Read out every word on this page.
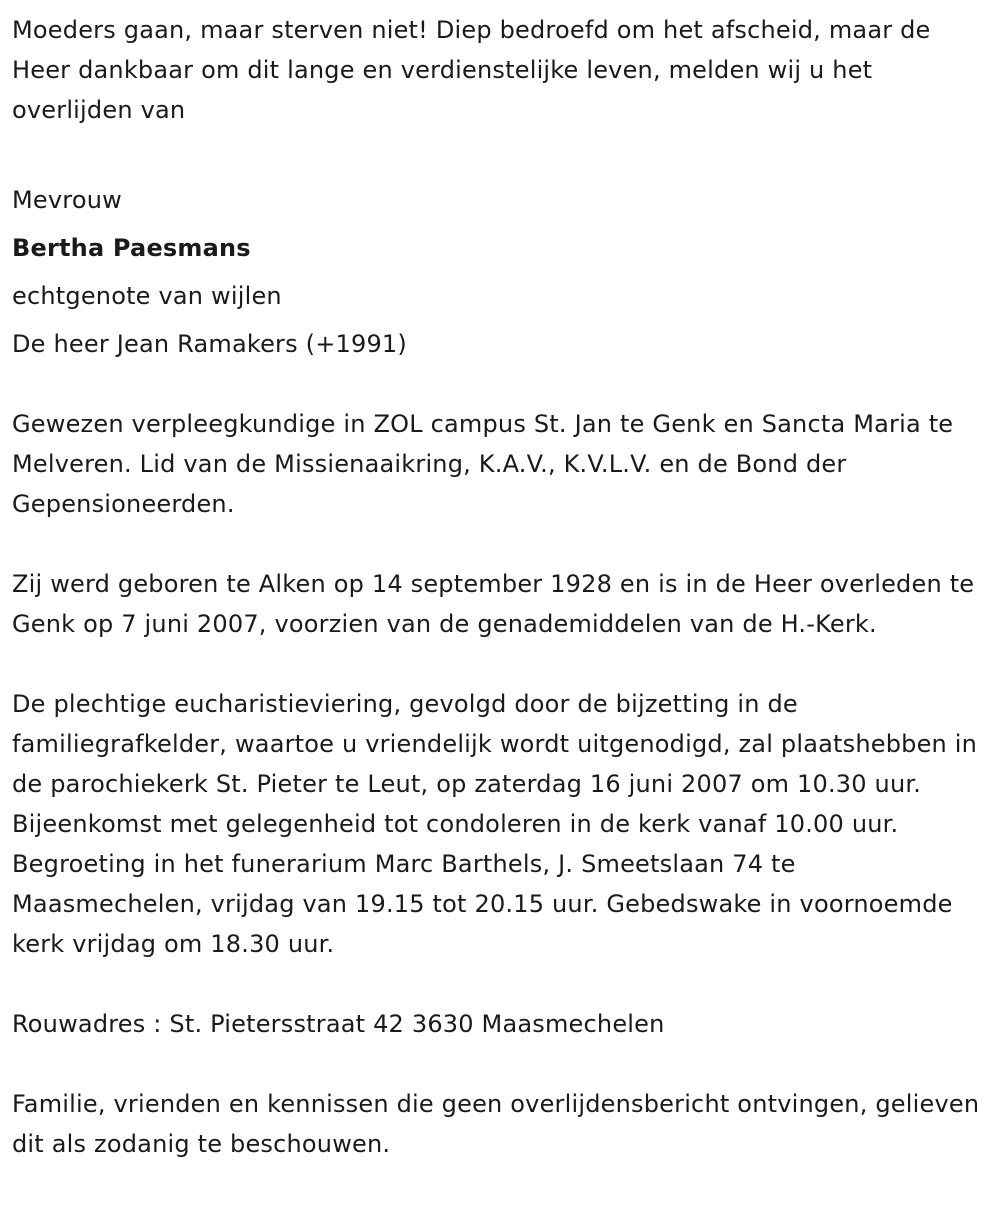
Moeders gaan, maar sterven niet! Diep bedroefd om het afscheid, maar de Heer dankbaar om dit lange en verdienstelijke leven, melden wij u het overlijden van

Mevrouw

Bertha Paesmans

echtgenote van wijlen

De heer Jean Ramakers (+1991)

Gewezen verpleegkundige in ZOL campus St. Jan te Genk en Sancta Maria te Melveren. Lid van de Missienaaikring, K.A.V., K.V.L.V. en de Bond der Gepensioneerden.

Zij werd geboren te Alken op 14 september 1928 en is in de Heer overleden te Genk op 7 juni 2007, voorzien van de genademiddelen van de H.-Kerk.

De plechtige eucharistieviering, gevolgd door de bijzetting in de familiegrafkelder, waartoe u vriendelijk wordt uitgenodigd, zal plaatshebben in de parochiekerk St. Pieter te Leut, op zaterdag 16 juni 2007 om 10.30 uur. Bijeenkomst met gelegenheid tot condoleren in de kerk vanaf 10.00 uur. Begroeting in het funerarium Marc Barthels, J. Smeetslaan 74 te Maasmechelen, vrijdag van 19.15 tot 20.15 uur. Gebedswake in voornoemde kerk vrijdag om 18.30 uur.

Rouwadres : St. Pietersstraat 42 3630 Maasmechelen

Familie, vrienden en kennissen die geen overlijdensbericht ontvingen, gelieven dit als zodanig te beschouwen.
